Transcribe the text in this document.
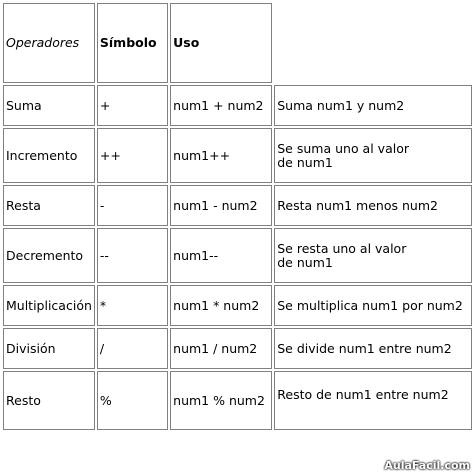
Operadores	Símbolo	Uso	
Suma	+	num1 + num2	Suma num1 y num2
Incremento	++	num1++	Se suma uno al valor
de num1
Resta	-	num1 - num2	Resta num1 menos num2
Decremento	--	num1--	Se resta uno al valor
de num1
Multiplicación	*	num1 * num2	Se multiplica num1 por num2
División	/	num1 / num2	Se divide num1 entre num2
Resto	%	num1 % num2	Resto de num1 entre num2
AulaFacil.com
